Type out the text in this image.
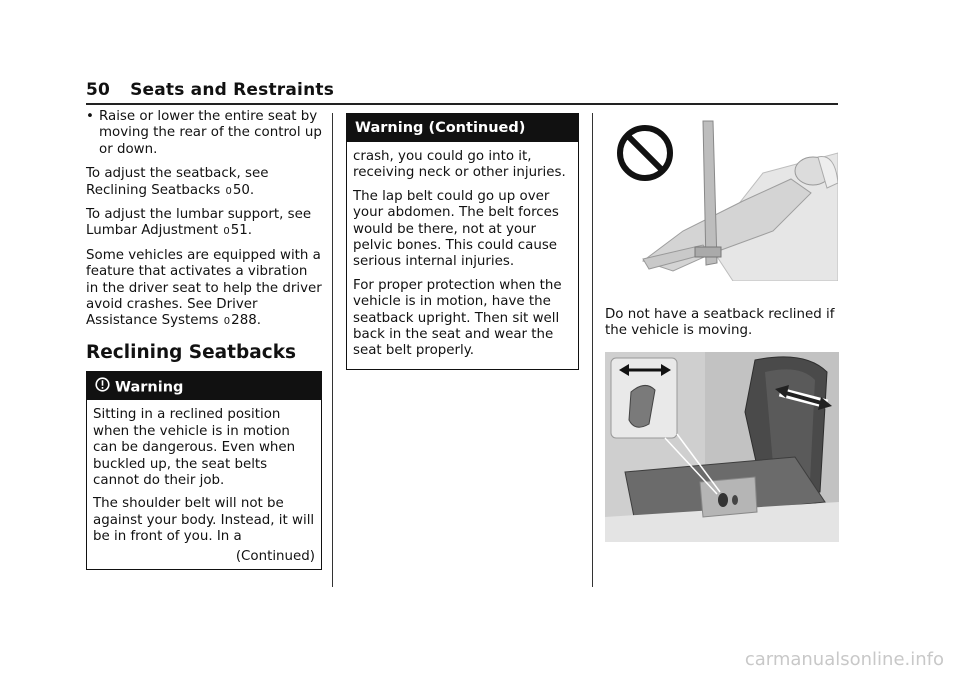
50 Seats and Restraints
• Raise or lower the entire seat by moving the rear of the control up or down.

To adjust the seatback, see Reclining Seatbacks 050.

To adjust the lumbar support, see Lumbar Adjustment 051.

Some vehicles are equipped with a feature that activates a vibration in the driver seat to help the driver avoid crashes. See Driver Assistance Systems 0288.

Reclining Seatbacks
Warning

Sitting in a reclined position when the vehicle is in motion can be dangerous. Even when buckled up, the seat belts cannot do their job.

The shoulder belt will not be against your body. Instead, it will be in front of you. In a

(Continued)
Warning (Continued)

crash, you could go into it, receiving neck or other injuries.

The lap belt could go up over your abdomen. The belt forces would be there, not at your pelvic bones. This could cause serious internal injuries.

For proper protection when the vehicle is in motion, have the seatback upright. Then sit well back in the seat and wear the seat belt properly.

Do not have a seatback reclined if the vehicle is moving.

carmanualsonline.info
